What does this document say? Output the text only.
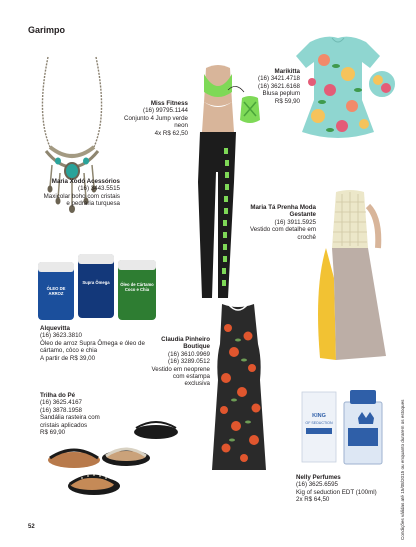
Garimpo
Maria Xodó Acessórios
(16) 3443.5515
Maxicolar boho com cristais e pedraria turquesa
Miss Fitness
(16) 99795.1144
Conjunto 4 Jump verde neon
4x R$ 62,50
Marikitta
(16) 3421.4718
(16) 3621.6168
Blusa peplum
R$ 59,90
Maria Tá Prenha Moda Gestante
(16) 3911.5925
Vestido com detalhe em crochê
ÓLEO DE ARROZ
Supra Ômega	Óleo de Cártamo Coco e Chia
Alquevitta
(16) 3623.3810
Óleo de arroz Supra Ômega e óleo de cártamo, côco e chia
A partir de R$ 39,00
Claudia Pinheiro Boutique
(16) 3610.9969
(16) 3289.0512
Vestido em neoprene com estampa exclusiva
Trilha do Pé
(16) 3625.4167
(16) 3878.1958
Sandália rasteira com cristais aplicados
R$ 69,90
KING
OF SEDUCTION
Nelly Perfumes
(16) 3625.6595
Kig of seduction EDT (100ml)
2x R$ 64,50	Condições válidas até 15/08/2015 ou enquanto durarem os estoques
52
